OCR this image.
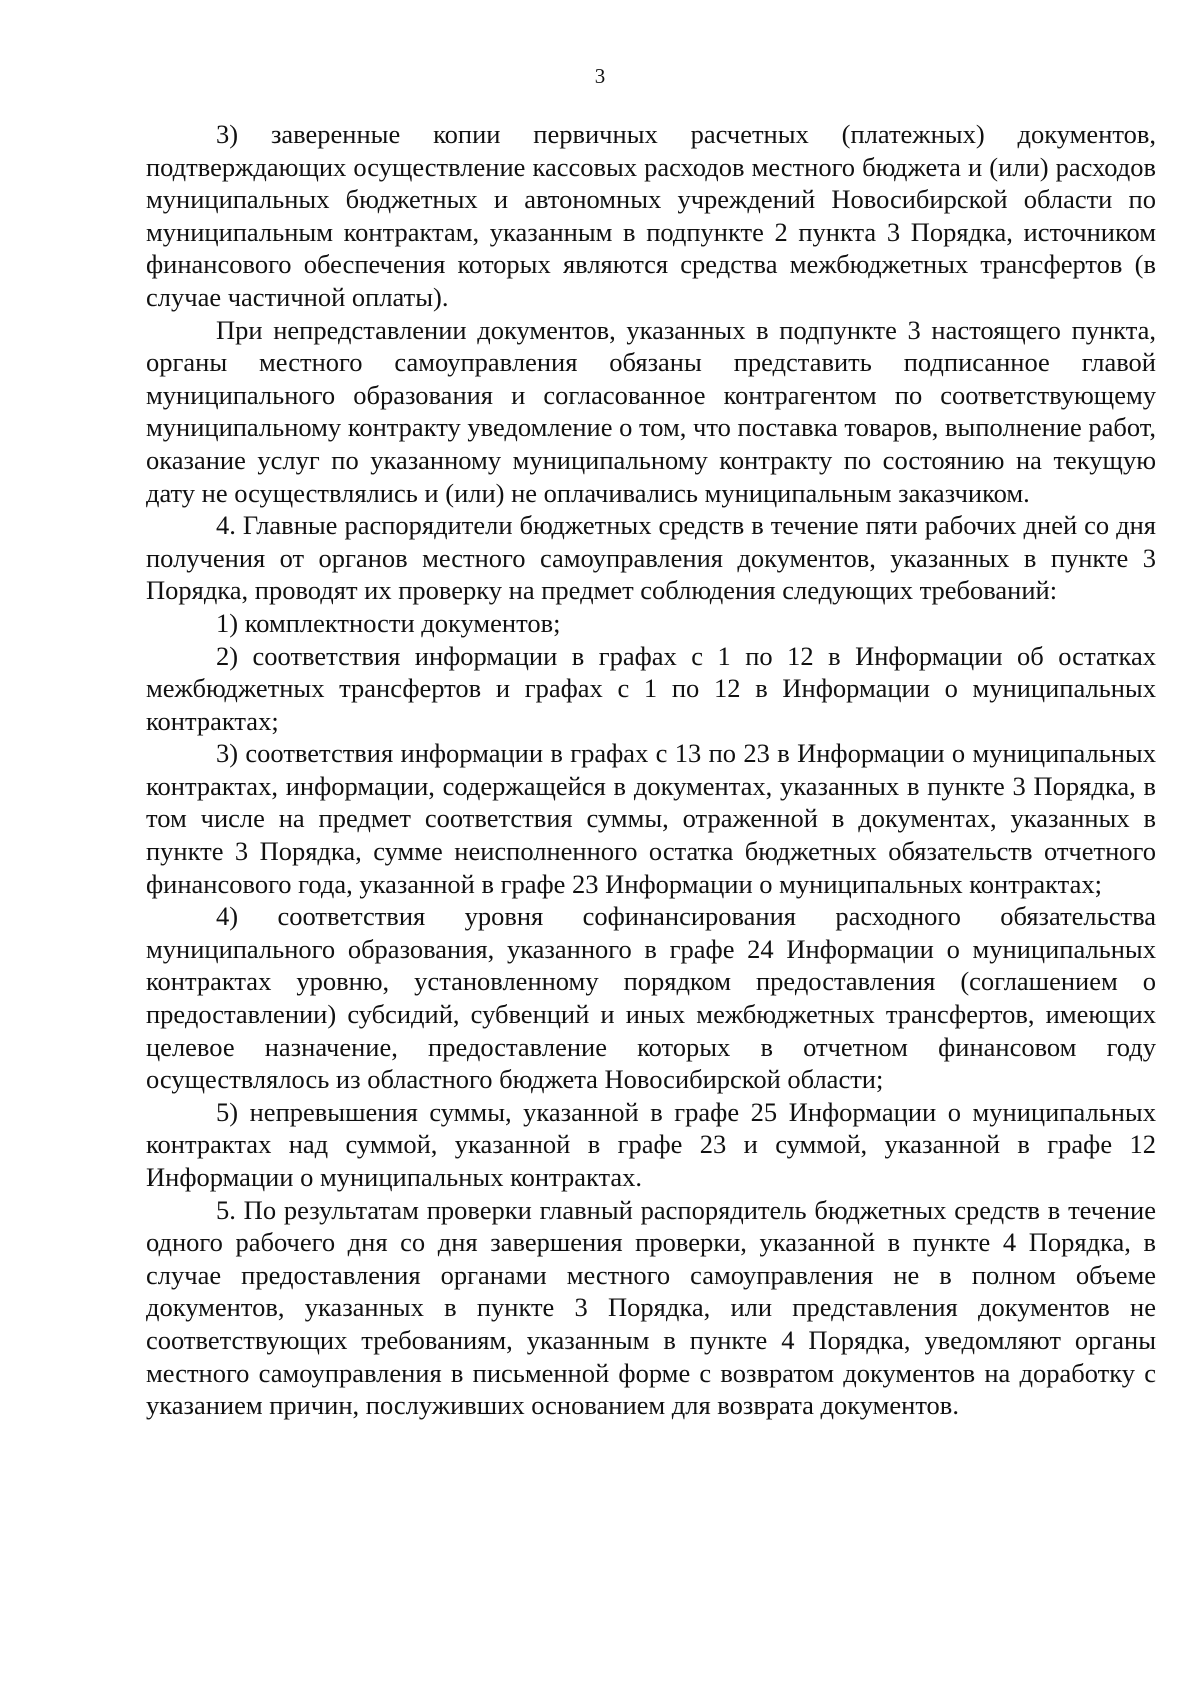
3

3) заверенные копии первичных расчетных (платежных) документов, подтверждающих осуществление кассовых расходов местного бюджета и (или) расходов муниципальных бюджетных и автономных учреждений Новосибирской области по муниципальным контрактам, указанным в подпункте 2 пункта 3 Порядка, источником финансового обеспечения которых являются средства межбюджетных трансфертов (в случае частичной оплаты).

При непредставлении документов, указанных в подпункте 3 настоящего пункта, органы местного самоуправления обязаны представить подписанное главой муниципального образования и согласованное контрагентом по соответствующему муниципальному контракту уведомление о том, что поставка товаров, выполнение работ, оказание услуг по указанному муниципальному контракту по состоянию на текущую дату не осуществлялись и (или) не оплачивались муниципальным заказчиком.

4. Главные распорядители бюджетных средств в течение пяти рабочих дней со дня получения от органов местного самоуправления документов, указанных в пункте 3 Порядка, проводят их проверку на предмет соблюдения следующих требований:

1) комплектности документов;

2) соответствия информации в графах с 1 по 12 в Информации об остатках межбюджетных трансфертов и графах с 1 по 12 в Информации о муниципальных контрактах;

3) соответствия информации в графах с 13 по 23 в Информации о муниципальных контрактах, информации, содержащейся в документах, указанных в пункте 3 Порядка, в том числе на предмет соответствия суммы, отраженной в документах, указанных в пункте 3 Порядка, сумме неисполненного остатка бюджетных обязательств отчетного финансового года, указанной в графе 23 Информации о муниципальных контрактах;

4) соответствия уровня софинансирования расходного обязательства муниципального образования, указанного в графе 24 Информации о муниципальных контрактах уровню, установленному порядком предоставления (соглашением о предоставлении) субсидий, субвенций и иных межбюджетных трансфертов, имеющих целевое назначение, предоставление которых в отчетном финансовом году осуществлялось из областного бюджета Новосибирской области;

5) непревышения суммы, указанной в графе 25 Информации о муниципальных контрактах над суммой, указанной в графе 23 и суммой, указанной в графе 12 Информации о муниципальных контрактах.

5. По результатам проверки главный распорядитель бюджетных средств в течение одного рабочего дня со дня завершения проверки, указанной в пункте 4 Порядка, в случае предоставления органами местного самоуправления не в полном объеме документов, указанных в пункте 3 Порядка, или представления документов не соответствующих требованиям, указанным в пункте 4 Порядка, уведомляют органы местного самоуправления в письменной форме с возвратом документов на доработку с указанием причин, послуживших основанием для возврата документов.
